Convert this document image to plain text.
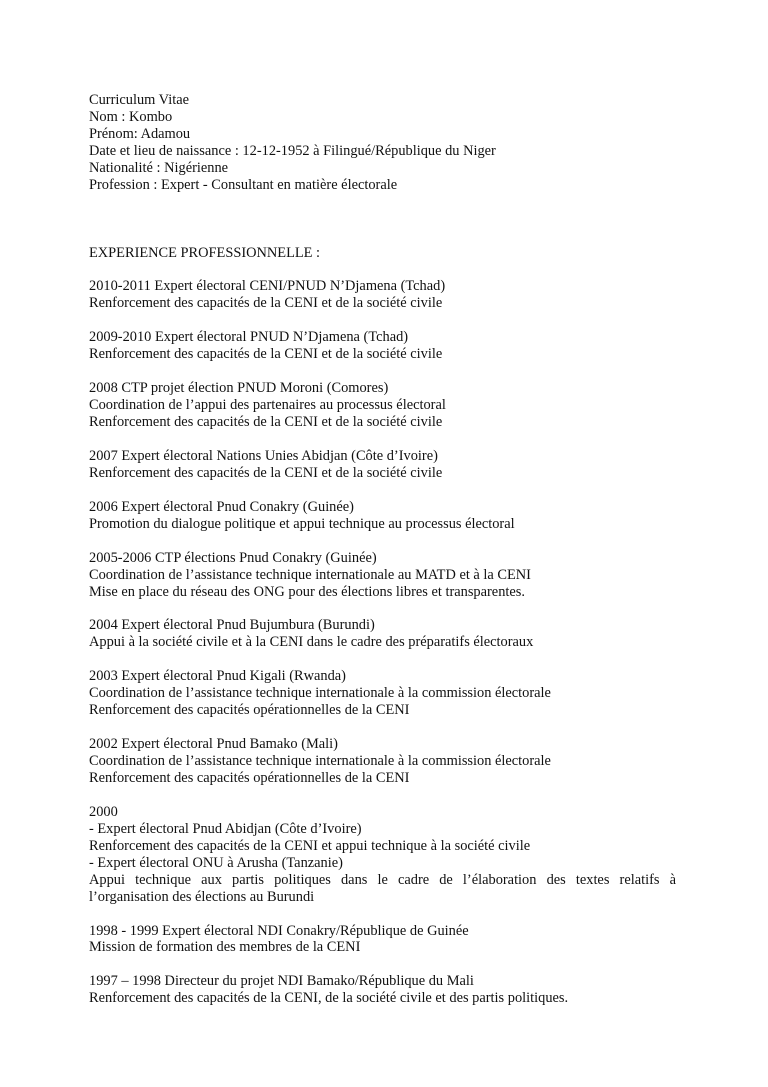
Curriculum Vitae
Nom : Kombo
Prénom: Adamou
Date et lieu de naissance : 12-12-1952 à Filingué/République du Niger
Nationalité : Nigérienne
Profession : Expert - Consultant en matière électorale
EXPERIENCE PROFESSIONNELLE :
2010-2011 Expert électoral CENI/PNUD N’Djamena (Tchad)
Renforcement des capacités de la CENI et de la société civile
2009-2010 Expert électoral PNUD N’Djamena (Tchad)
Renforcement des capacités de la CENI et de la société civile
2008 CTP projet élection PNUD Moroni (Comores)
Coordination de l’appui des partenaires au processus électoral
Renforcement des capacités de la CENI et de la société civile
2007 Expert électoral Nations Unies Abidjan (Côte d’Ivoire)
Renforcement des capacités de la CENI et de la société civile
2006 Expert électoral Pnud Conakry (Guinée)
Promotion du dialogue politique et appui technique au processus électoral
2005-2006 CTP élections Pnud Conakry (Guinée)
Coordination de l’assistance technique internationale au MATD et à la CENI
Mise en place du réseau des ONG pour des élections libres et transparentes.
2004 Expert électoral Pnud Bujumbura (Burundi)
Appui à la société civile et à la CENI dans le cadre des préparatifs électoraux
2003 Expert électoral Pnud Kigali (Rwanda)
Coordination de l’assistance technique internationale à la commission électorale
Renforcement des capacités opérationnelles de la CENI
2002 Expert électoral Pnud Bamako (Mali)
Coordination de l’assistance technique internationale à la commission électorale
Renforcement des capacités opérationnelles de la CENI
2000
- Expert électoral Pnud Abidjan (Côte d’Ivoire)
Renforcement des capacités de la CENI et appui technique à la société civile
- Expert électoral ONU à Arusha (Tanzanie)
Appui technique aux partis politiques dans le cadre de l’élaboration des textes relatifs à
l’organisation des élections au Burundi
1998 - 1999 Expert électoral NDI Conakry/République de Guinée
Mission de formation des membres de la CENI
1997 – 1998 Directeur du projet NDI Bamako/République du Mali
Renforcement des capacités de la CENI, de la société civile et des partis politiques.
